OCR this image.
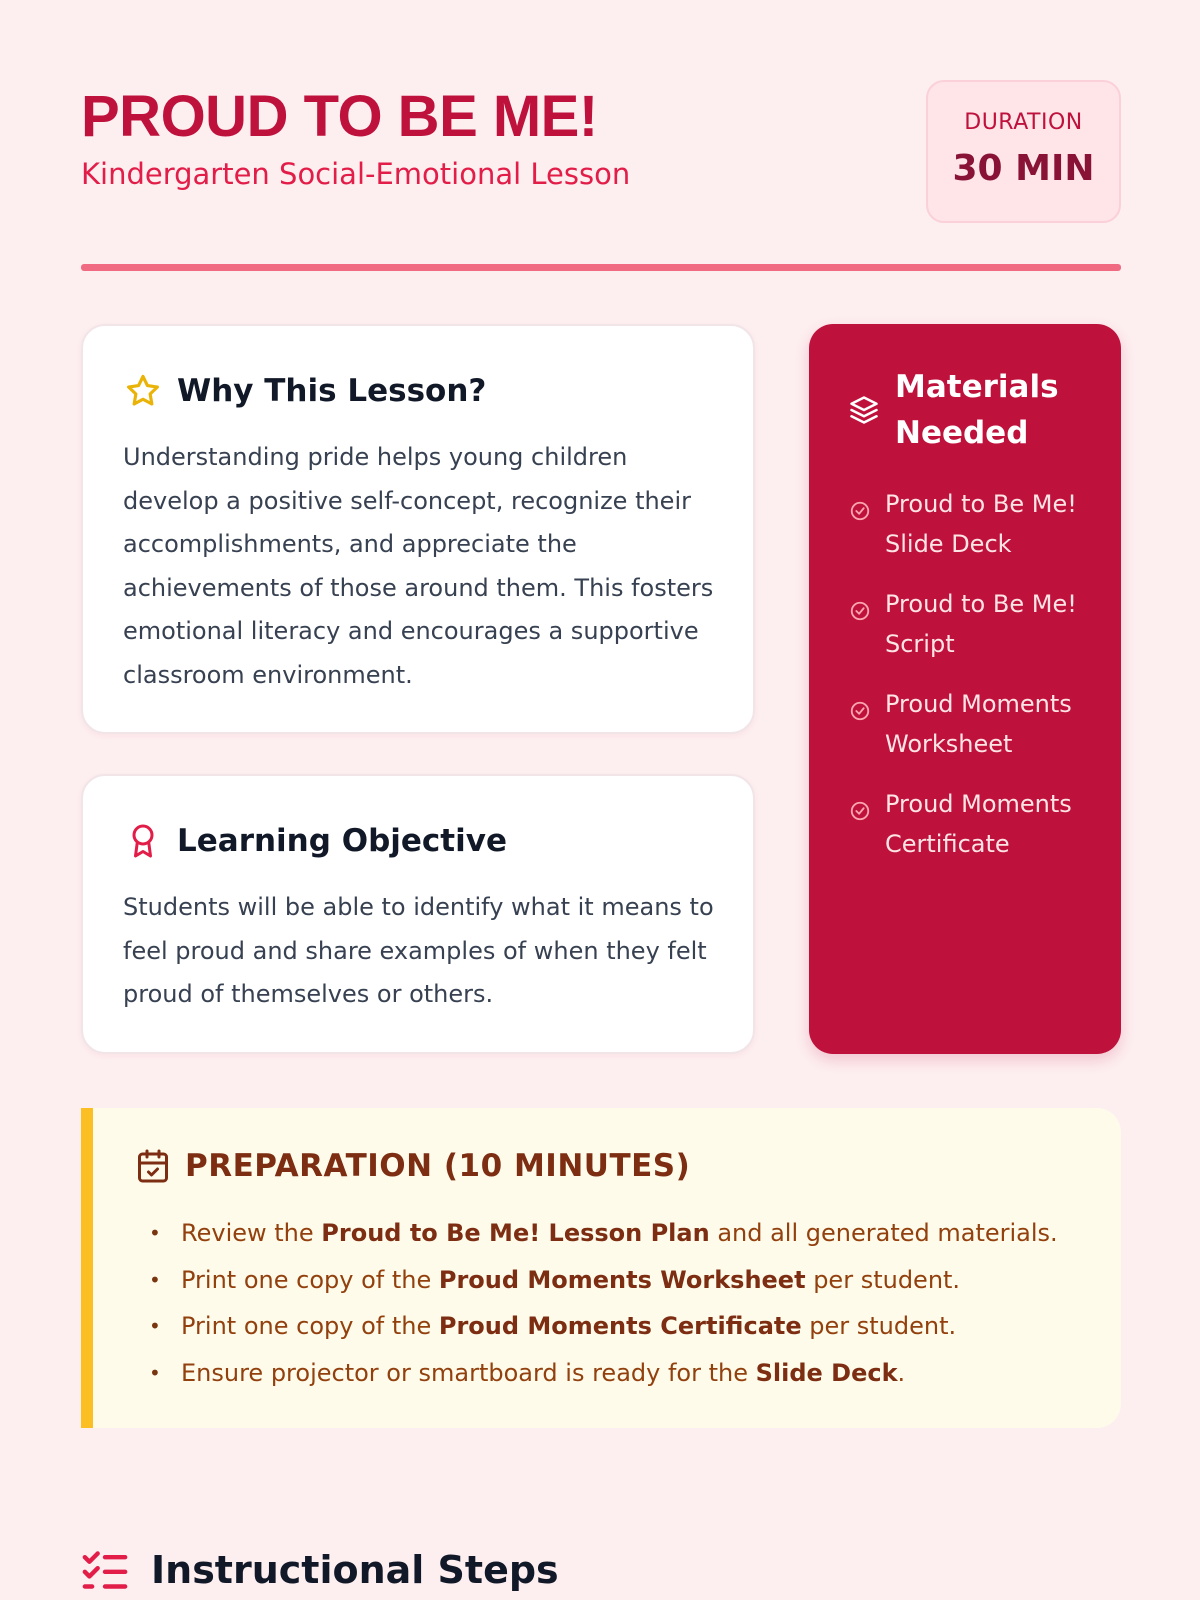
PROUD TO BE ME!
Kindergarten Social-Emotional Lesson
DURATION
30 MIN
Why This Lesson?

Understanding pride helps young children develop a positive self-concept, recognize their accomplishments, and appreciate the achievements of those around them. This fosters emotional literacy and encourages a supportive classroom environment.

Learning Objective

Students will be able to identify what it means to feel proud and share examples of when they felt proud of themselves or others.

Materials Needed
Proud to Be Me! Slide Deck
Proud to Be Me! Script
Proud Moments Worksheet
Proud Moments Certificate
PREPARATION (10 MINUTES)
• Review the Proud to Be Me! Lesson Plan and all generated materials.
• Print one copy of the Proud Moments Worksheet per student.
• Print one copy of the Proud Moments Certificate per student.
• Ensure projector or smartboard is ready for the Slide Deck.
Instructional Steps
